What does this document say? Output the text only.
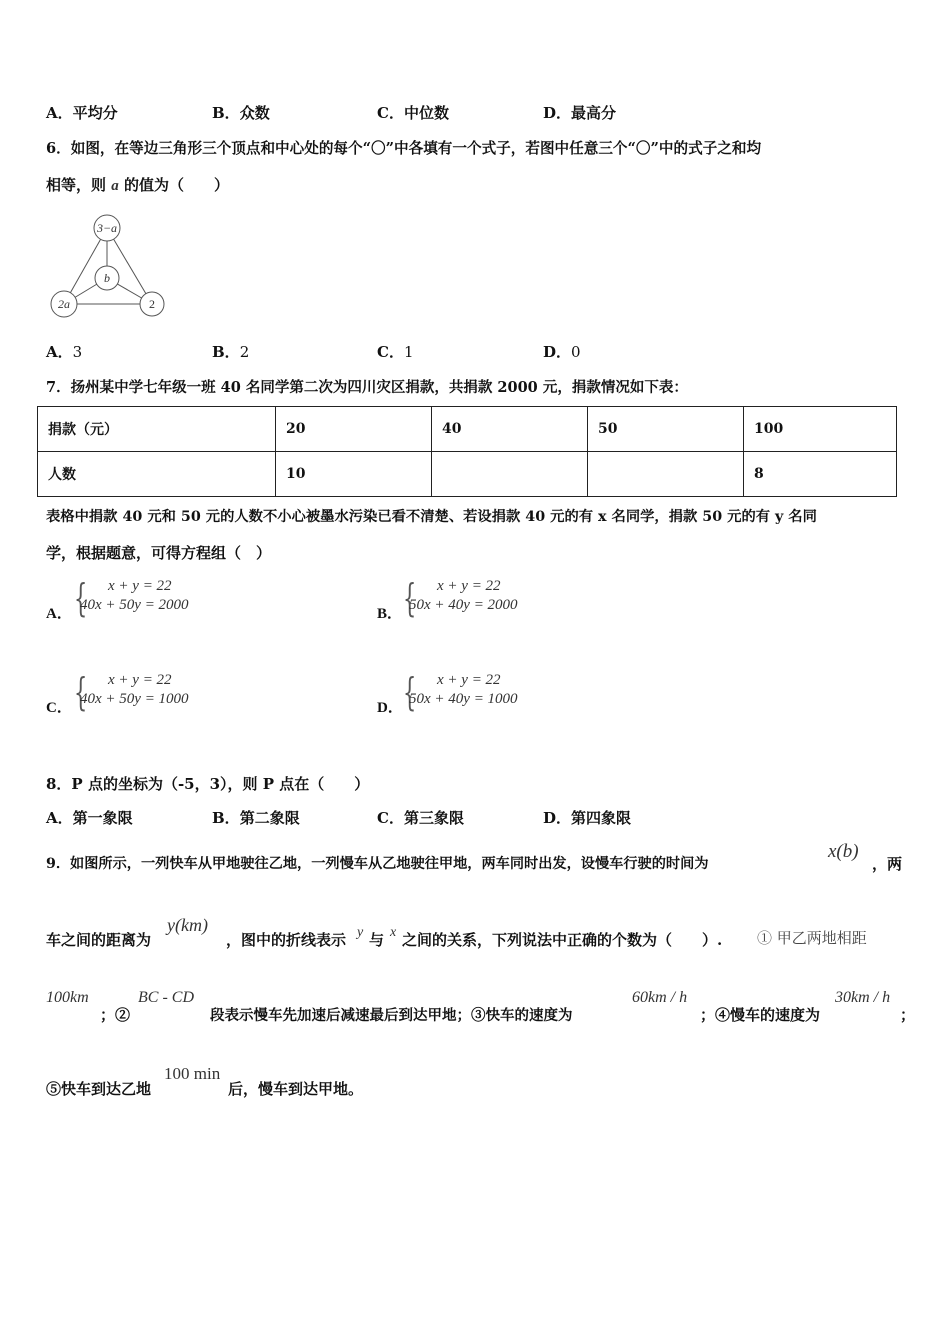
A．平均分	B．众数	C．中位数	D．最高分
6．如图，在等边三角形三个顶点和中心处的每个“〇”中各填有一个式子，若图中任意三个“〇”中的式子之和均
相等，则 a 的值为（　　）
3−a
b
2a	2
A．3	B．2	C．1	D．0
7．扬州某中学七年级一班 40 名同学第二次为四川灾区捐款，共捐款 2000 元，捐款情况如下表：
捐款（元）	20	40	50	100
人数	10			8
表格中捐款 40 元和 50 元的人数不小心被墨水污染已看不清楚、若设捐款 40 元的有 x 名同学，捐款 50 元的有 y 名同
学，根据题意，可得方程组（　）
A． { x + y = 22
40x + 50y = 2000
B． { x + y = 22
50x + 40y = 2000
C． { x + y = 22
40x + 50y = 1000
D． { x + y = 22
50x + 40y = 1000
8．P 点的坐标为（-5，3），则 P 点在（　　）
A．第一象限	B．第二象限	C．第三象限	D．第四象限
9．如图所示，一列快车从甲地驶往乙地，一列慢车从乙地驶往甲地，两车同时出发，设慢车行驶的时间为
x(b)
，两
车之间的距离为
y(km)
，图中的折线表示 y 与 x 之间的关系，下列说法中正确的个数为（　　）. ① 甲乙两地相距
100km
；②
BC - CD
段表示慢车先加速后减速最后到达甲地；③快车的速度为
60km / h
；④慢车的速度为
30km / h
；
⑤快车到达乙地
100 min
后，慢车到达甲地。
